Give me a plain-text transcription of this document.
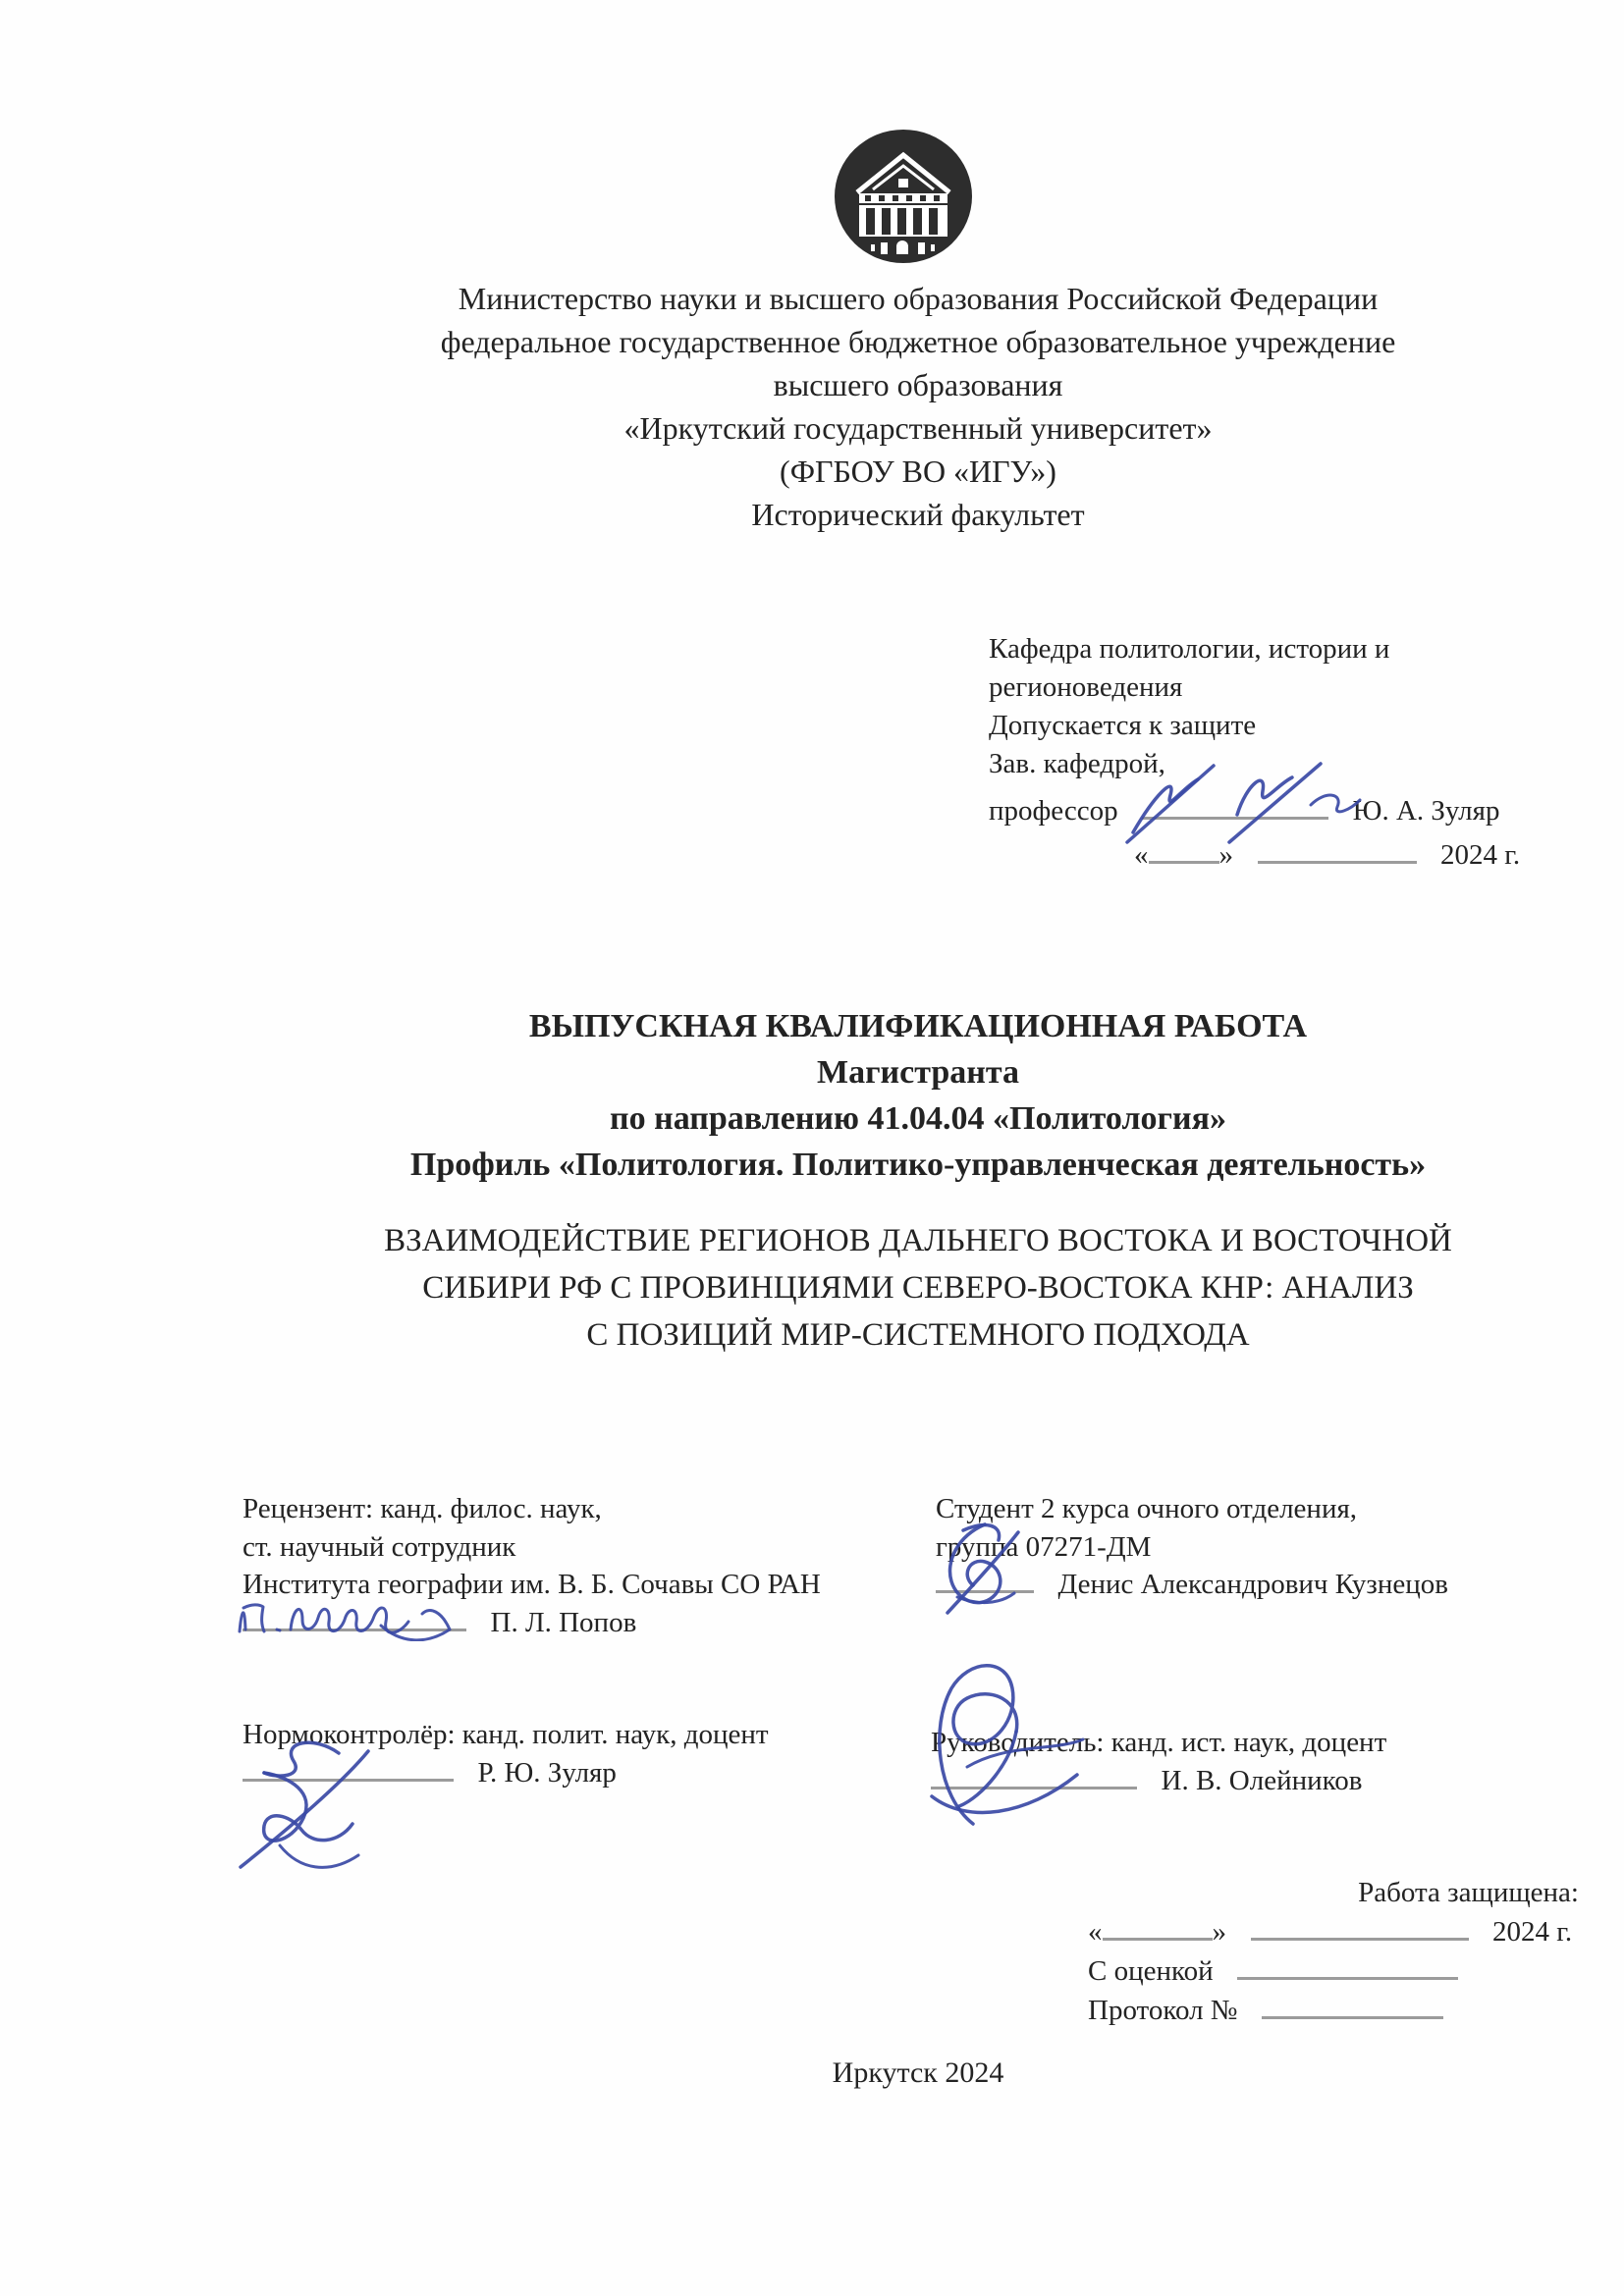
Министерство науки и высшего образования Российской Федерации
федеральное государственное бюджетное образовательное учреждение
высшего образования
«Иркутский государственный университет»
(ФГБОУ ВО «ИГУ»)
Исторический факультет
Кафедра политологии, истории и
регионоведения
Допускается к защите
Зав. кафедрой,
профессор	Ю. А. Зуляр
« »	2024 г.
ВЫПУСКНАЯ КВАЛИФИКАЦИОННАЯ РАБОТА
Магистранта
по направлению 41.04.04 «Политология»
Профиль «Политология. Политико-управленческая деятельность»
ВЗАИМОДЕЙСТВИЕ РЕГИОНОВ ДАЛЬНЕГО ВОСТОКА И ВОСТОЧНОЙ
СИБИРИ РФ С ПРОВИНЦИЯМИ СЕВЕРО-ВОСТОКА КНР: АНАЛИЗ
С ПОЗИЦИЙ МИР-СИСТЕМНОГО ПОДХОДА
Рецензент: канд. филос. наук,
ст. научный сотрудник
Института географии им. В. Б. Сочавы СО РАН
П. Л. Попов
Студент 2 курса очного отделения,
группа 07271-ДМ
Денис Александрович Кузнецов
Нормоконтролёр: канд. полит. наук, доцент
Р. Ю. Зуляр
Руководитель: канд. ист. наук, доцент
И. В. Олейников
Работа защищена:
«	»	2024 г.
С оценкой
Протокол №
Иркутск 2024
